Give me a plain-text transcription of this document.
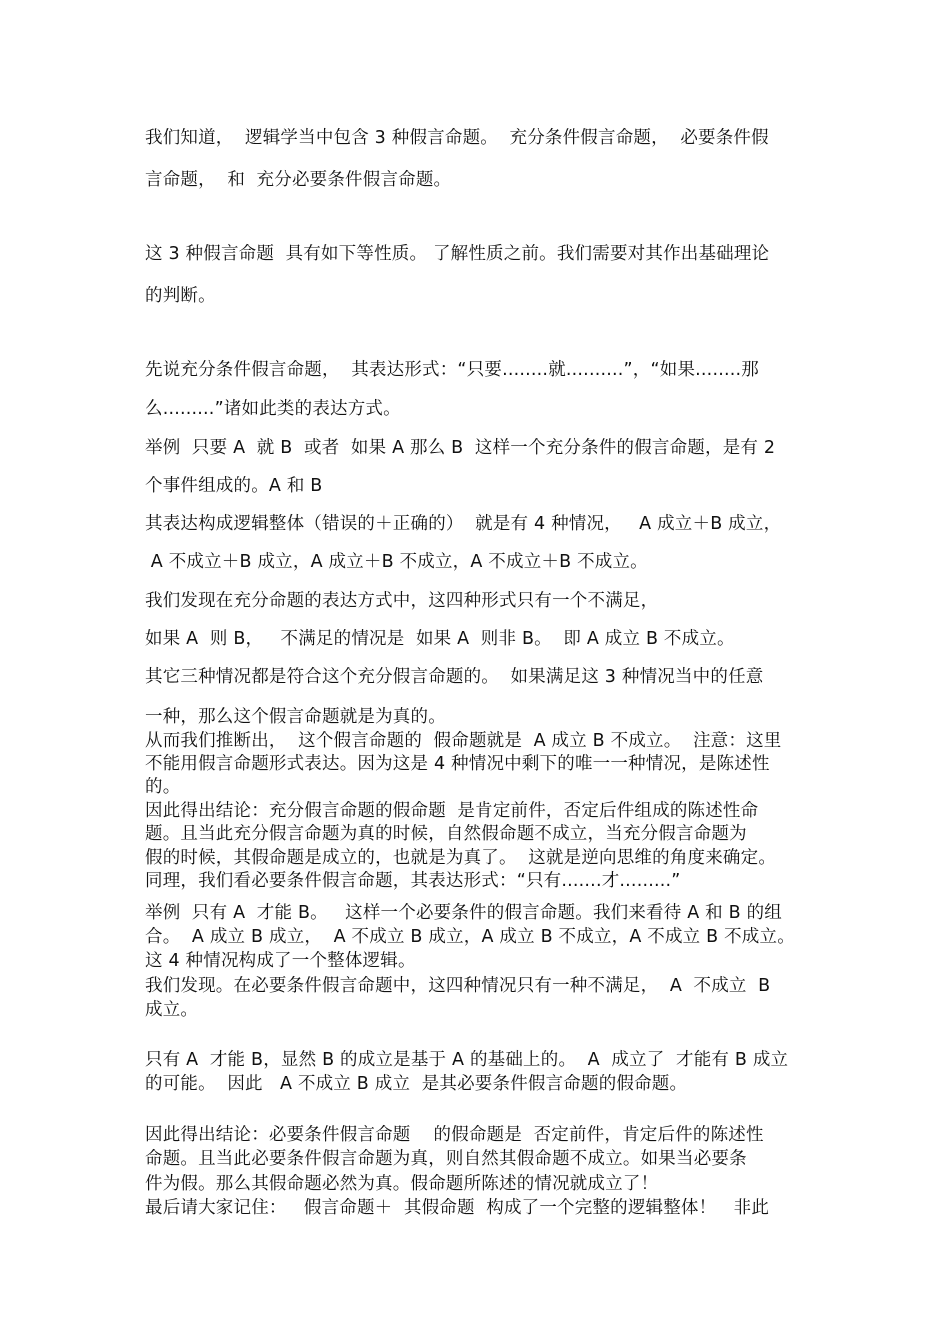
我们知道，  逻辑学当中包含 3 种假言命题。  充分条件假言命题，  必要条件假
言命题，  和  充分必要条件假言命题。
这 3 种假言命题  具有如下等性质。 了解性质之前。我们需要对其作出基础理论
的判断。
先说充分条件假言命题，  其表达形式：“只要........就..........”，“如果........那
么.........”诸如此类的表达方式。
举例  只要 A  就 B  或者  如果 A 那么 B  这样一个充分条件的假言命题，是有 2
个事件组成的。A 和 B
其表达构成逻辑整体（错误的＋正确的）  就是有 4 种情况，   A 成立＋B 成立，
A 不成立＋B 成立，A 成立＋B 不成立，A 不成立＋B 不成立。
我们发现在充分命题的表达方式中，这四种形式只有一个不满足，
如果 A  则 B，   不满足的情况是  如果 A  则非 B。  即 A 成立 B 不成立。
其它三种情况都是符合这个充分假言命题的。  如果满足这 3 种情况当中的任意
一种，那么这个假言命题就是为真的。
从而我们推断出，  这个假言命题的  假命题就是  A 成立 B 不成立。  注意：这里
不能用假言命题形式表达。因为这是 4 种情况中剩下的唯一一种情况，是陈述性
的。
因此得出结论：充分假言命题的假命题  是肯定前件，否定后件组成的陈述性命
题。且当此充分假言命题为真的时候，自然假命题不成立，当充分假言命题为
假的时候，其假命题是成立的，也就是为真了。  这就是逆向思维的角度来确定。
同理，我们看必要条件假言命题，其表达形式：“只有.......才.........”
举例  只有 A  才能 B。   这样一个必要条件的假言命题。我们来看待 A 和 B 的组
合。  A 成立 B 成立，  A 不成立 B 成立，A 成立 B 不成立，A 不成立 B 不成立。
这 4 种情况构成了一个整体逻辑。
我们发现。在必要条件假言命题中，这四种情况只有一种不满足，  A  不成立  B
成立。
只有 A  才能 B，显然 B 的成立是基于 A 的基础上的。  A  成立了  才能有 B 成立
的可能。  因此   A 不成立 B 成立  是其必要条件假言命题的假命题。
因此得出结论：必要条件假言命题    的假命题是  否定前件，肯定后件的陈述性
命题。且当此必要条件假言命题为真，则自然其假命题不成立。如果当必要条
件为假。那么其假命题必然为真。假命题所陈述的情况就成立了！
最后请大家记住：   假言命题＋  其假命题  构成了一个完整的逻辑整体！   非此
